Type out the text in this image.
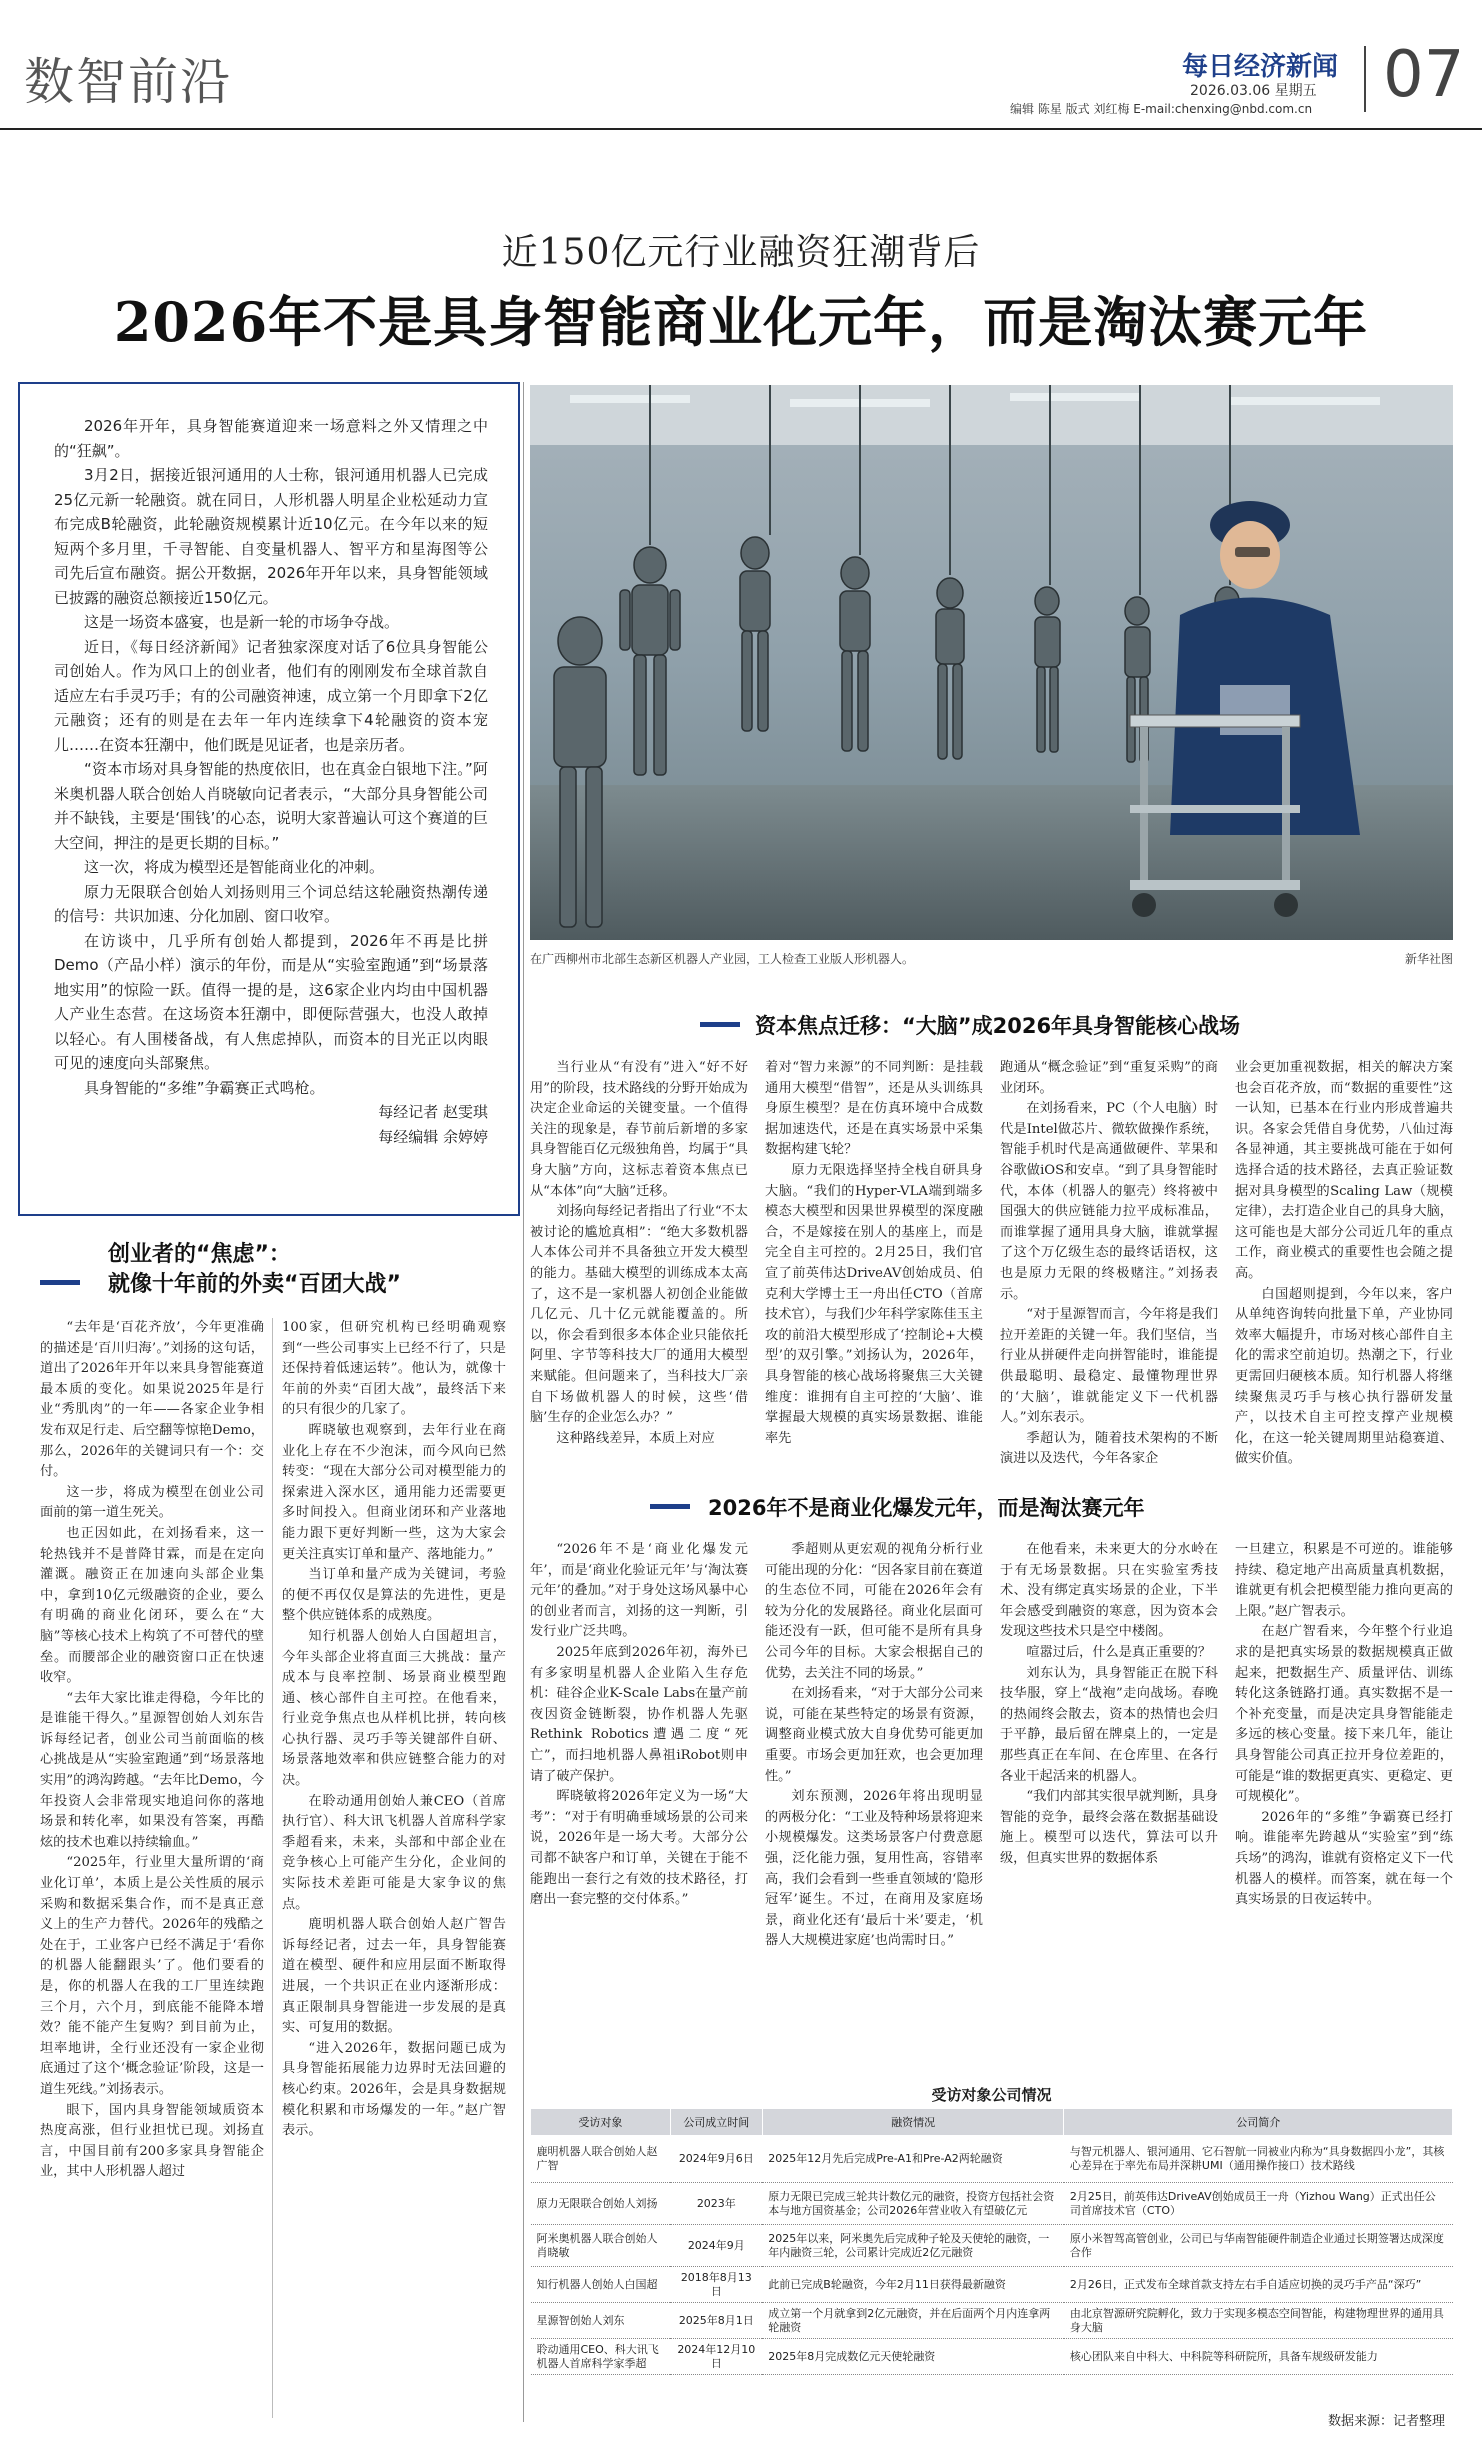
数智前沿	每日经济新闻
2026.03.06 星期五
编辑 陈星 版式 刘红梅 E-mail:chenxing@nbd.com.cn 07
近150亿元行业融资狂潮背后
2026年不是具身智能商业化元年，而是淘汰赛元年

2026年开年，具身智能赛道迎来一场意料之外又情理之中的“狂飙”。

3月2日，据接近银河通用的人士称，银河通用机器人已完成25亿元新一轮融资。就在同日，人形机器人明星企业松延动力宣布完成B轮融资，此轮融资规模累计近10亿元。在今年以来的短短两个多月里，千寻智能、自变量机器人、智平方和星海图等公司先后宣布融资。据公开数据，2026年开年以来，具身智能领域已披露的融资总额接近150亿元。

这是一场资本盛宴，也是新一轮的市场争夺战。

近日，《每日经济新闻》记者独家深度对话了6位具身智能公司创始人。作为风口上的创业者，他们有的刚刚发布全球首款自适应左右手灵巧手；有的公司融资神速，成立第一个月即拿下2亿元融资；还有的则是在去年一年内连续拿下4轮融资的资本宠儿……在资本狂潮中，他们既是见证者，也是亲历者。

“资本市场对具身智能的热度依旧，也在真金白银地下注。”阿米奥机器人联合创始人肖晓敏向记者表示，“大部分具身智能公司并不缺钱，主要是‘围钱’的心态，说明大家普遍认可这个赛道的巨大空间，押注的是更长期的目标。”

这一次，将成为模型还是智能商业化的冲刺。

原力无限联合创始人刘扬则用三个词总结这轮融资热潮传递的信号：共识加速、分化加剧、窗口收窄。

在访谈中，几乎所有创始人都提到，2026年不再是比拼Demo（产品小样）演示的年份，而是从“实验室跑通”到“场景落地实用”的惊险一跃。值得一提的是，这6家企业内均由中国机器人产业生态营。在这场资本狂潮中，即便际营强大，也没人敢掉以轻心。有人围楼备战，有人焦虑掉队，而资本的目光正以肉眼可见的速度向头部聚焦。

具身智能的“多维”争霸赛正式鸣枪。

每经记者 赵雯琪

每经编辑 余婷婷

在广西柳州市北部生态新区机器人产业园，工人检查工业版人形机器人。	新华社图
创业者的“焦虑”：
就像十年前的外卖“百团大战”

“去年是‘百花齐放’，今年更准确的描述是‘百川归海’。”刘扬的这句话，道出了2026年开年以来具身智能赛道最本质的变化。如果说2025年是行业“秀肌肉”的一年——各家企业争相发布双足行走、后空翻等惊艳Demo，那么，2026年的关键词只有一个：交付。

这一步，将成为模型在创业公司面前的第一道生死关。

也正因如此，在刘扬看来，这一轮热钱并不是普降甘霖，而是在定向灌溉。融资正在加速向头部企业集中，拿到10亿元级融资的企业，要么有明确的商业化闭环，要么在“大脑”等核心技术上构筑了不可替代的壁垒。而腰部企业的融资窗口正在快速收窄。

“去年大家比谁走得稳，今年比的是谁能干得久。”星源智创始人刘东告诉每经记者，创业公司当前面临的核心挑战是从“实验室跑通”到“场景落地实用”的鸿沟跨越。“去年比Demo，今年投资人会非常现实地追问你的落地场景和转化率，如果没有答案，再酷炫的技术也难以持续输血。”

“2025年，行业里大量所谓的‘商业化订单’，本质上是公关性质的展示采购和数据采集合作，而不是真正意义上的生产力替代。2026年的残酷之处在于，工业客户已经不满足于‘看你的机器人能翻跟头’了。他们要看的是，你的机器人在我的工厂里连续跑三个月，六个月，到底能不能降本增效？能不能产生复购？到目前为止，坦率地讲，全行业还没有一家企业彻底通过了这个‘概念验证’阶段，这是一道生死线。”刘扬表示。

眼下，国内具身智能领域质资本热度高涨，但行业担忧已现。刘扬直言，中国目前有200多家具身智能企业，其中人形机器人超过

100家，但研究机构已经明确观察到“一些公司事实上已经不行了，只是还保持着低速运转”。他认为，就像十年前的外卖“百团大战”，最终活下来的只有很少的几家了。

晖晓敏也观察到，去年行业在商业化上存在不少泡沫，而今风向已然转变：“现在大部分公司对模型能力的探索进入深水区，通用能力还需要更多时间投入。但商业闭环和产业落地能力跟下更好判断一些，这为大家会更关注真实订单和量产、落地能力。”

当订单和量产成为关键词，考验的便不再仅仅是算法的先进性，更是整个供应链体系的成熟度。

知行机器人创始人白国超坦言，今年头部企业将直面三大挑战：量产成本与良率控制、场景商业模型跑通、核心部件自主可控。在他看来，行业竞争焦点也从样机比拼，转向核心执行器、灵巧手等关键部件自研、场景落地效率和供应链整合能力的对决。

在聆动通用创始人兼CEO（首席执行官）、科大讯飞机器人首席科学家季超看来，未来，头部和中部企业在竞争核心上可能产生分化，企业间的实际技术差距可能是大家争议的焦点。

鹿明机器人联合创始人赵广智告诉每经记者，过去一年，具身智能赛道在模型、硬件和应用层面不断取得进展，一个共识正在业内逐渐形成：真正限制具身智能进一步发展的是真实、可复用的数据。

“进入2026年，数据问题已成为具身智能拓展能力边界时无法回避的核心约束。2026年，会是具身数据规模化积累和市场爆发的一年。”赵广智表示。

资本焦点迁移：“大脑”成2026年具身智能核心战场

当行业从“有没有”进入“好不好用”的阶段，技术路线的分野开始成为决定企业命运的关键变量。一个值得关注的现象是，春节前后新增的多家具身智能百亿元级独角兽，均属于“具身大脑”方向，这标志着资本焦点已从“本体”向“大脑”迁移。

刘扬向每经记者指出了行业“不太被讨论的尴尬真相”：“绝大多数机器人本体公司并不具备独立开发大模型的能力。基础大模型的训练成本太高了，这不是一家机器人初创企业能做几亿元、几十亿元就能覆盖的。所以，你会看到很多本体企业只能依托阿里、字节等科技大厂的通用大模型来赋能。但问题来了，当科技大厂亲自下场做机器人的时候，这些‘借脑’生存的企业怎么办？”

这种路线差异，本质上对应

着对“智力来源”的不同判断：是挂载通用大模型“借智”，还是从头训练具身原生模型？是在仿真环境中合成数据加速迭代，还是在真实场景中采集数据构建飞轮？

原力无限选择坚持全栈自研具身大脑。“我们的Hyper-VLA端到端多模态大模型和因果世界模型的深度融合，不是嫁接在别人的基座上，而是完全自主可控的。2月25日，我们官宣了前英伟达DriveAV创始成员、伯克利大学博士王一舟出任CTO（首席技术官），与我们少年科学家陈佳玉主攻的前沿大模型形成了‘控制论+大模型’的双引擎。”刘扬认为，2026年，具身智能的核心战场将聚焦三大关键维度：谁拥有自主可控的‘大脑’、谁掌握最大规模的真实场景数据、谁能率先

跑通从“概念验证”到“重复采购”的商业闭环。

在刘扬看来，PC（个人电脑）时代是Intel做芯片、微软做操作系统，智能手机时代是高通做硬件、苹果和谷歌做iOS和安卓。“到了具身智能时代，本体（机器人的躯壳）终将被中国强大的供应链能力拉平成标准品，而谁掌握了通用具身大脑，谁就掌握了这个万亿级生态的最终话语权，这也是原力无限的终极赌注。”刘扬表示。

“对于星源智而言，今年将是我们拉开差距的关键一年。我们坚信，当行业从拼硬件走向拼智能时，谁能提供最聪明、最稳定、最懂物理世界的‘大脑’，谁就能定义下一代机器人。”刘东表示。

季超认为，随着技术架构的不断演进以及迭代，今年各家企

业会更加重视数据，相关的解决方案也会百花齐放，而“数据的重要性”这一认知，已基本在行业内形成普遍共识。各家会凭借自身优势，八仙过海各显神通，其主要挑战可能在于如何选择合适的技术路径，去真正验证数据对具身模型的Scaling Law（规模定律），去打造企业自己的具身大脑，这可能也是大部分公司近几年的重点工作，商业模式的重要性也会随之提高。

白国超则提到，今年以来，客户从单纯咨询转向批量下单，产业协同效率大幅提升，市场对核心部件自主化的需求空前迫切。热潮之下，行业更需回归硬核本质。知行机器人将继续聚焦灵巧手与核心执行器研发量产，以技术自主可控支撑产业规模化，在这一轮关键周期里站稳赛道、做实价值。

2026年不是商业化爆发元年，而是淘汰赛元年

“2026年不是‘商业化爆发元年’，而是‘商业化验证元年’与‘淘汰赛元年’的叠加。”对于身处这场风暴中心的创业者而言，刘扬的这一判断，引发行业广泛共鸣。

2025年底到2026年初，海外已有多家明星机器人企业陷入生存危机：硅谷企业K-Scale Labs在量产前夜因资金链断裂，协作机器人先驱Rethink Robotics遭遇二度“死亡”，而扫地机器人鼻祖iRobot则申请了破产保护。

晖晓敏将2026年定义为一场“大考”：“对于有明确垂域场景的公司来说，2026年是一场大考。大部分公司都不缺客户和订单，关键在于能不能跑出一套行之有效的技术路径，打磨出一套完整的交付体系。”

季超则从更宏观的视角分析行业可能出现的分化：“因各家目前在赛道的生态位不同，可能在2026年会有较为分化的发展路径。商业化层面可能还没有一跃，但可能不是所有具身公司今年的目标。大家会根据自己的优势，去关注不同的场景。”

在刘扬看来，“对于大部分公司来说，可能在某些特定的场景有资源，调整商业模式放大自身优势可能更加重要。市场会更加狂欢，也会更加理性。”

刘东预测，2026年将出现明显的两极分化：“工业及特种场景将迎来小规模爆发。这类场景客户付费意愿强，泛化能力强，复用性高，容错率高，我们会看到一些垂直领域的‘隐形冠军’诞生。不过，在商用及家庭场景，商业化还有‘最后十米’要走，‘机器人大规模进家庭’也尚需时日。”

在他看来，未来更大的分水岭在于有无场景数据。只在实验室秀技术、没有绑定真实场景的企业，下半年会感受到融资的寒意，因为资本会发现这些技术只是空中楼阁。

喧嚣过后，什么是真正重要的？

刘东认为，具身智能正在脱下科技华服，穿上“战袍”走向战场。春晚的热闹终会散去，资本的热情也会归于平静，最后留在牌桌上的，一定是那些真正在车间、在仓库里、在各行各业干起活来的机器人。

“我们内部其实很早就判断，具身智能的竞争，最终会落在数据基础设施上。模型可以迭代，算法可以升级，但真实世界的数据体系

一旦建立，积累是不可逆的。谁能够持续、稳定地产出高质量真机数据，谁就更有机会把模型能力推向更高的上限。”赵广智表示。

在赵广智看来，今年整个行业追求的是把真实场景的数据规模真正做起来，把数据生产、质量评估、训练转化这条链路打通。真实数据不是一个补充变量，而是决定具身智能能走多远的核心变量。接下来几年，能让具身智能公司真正拉开身位差距的，可能是“谁的数据更真实、更稳定、更可规模化”。

2026年的“多维”争霸赛已经打响。谁能率先跨越从“实验室”到“练兵场”的鸿沟，谁就有资格定义下一代机器人的模样。而答案，就在每一个真实场景的日夜运转中。

受访对象公司情况
受访对象	公司成立时间	融资情况	公司简介
鹿明机器人联合创始人赵广智	2024年9月6日	2025年12月先后完成Pre-A1和Pre-A2两轮融资	与智元机器人、银河通用、它石智航一同被业内称为“具身数据四小龙”，其核心差异在于率先布局并深耕UMI（通用操作接口）技术路线
原力无限联合创始人刘扬	2023年	原力无限已完成三轮共计数亿元的融资，投资方包括社会资本与地方国资基金；公司2026年营业收入有望破亿元	2月25日，前英伟达DriveAV创始成员王一舟（Yizhou Wang）正式出任公司首席技术官（CTO）
阿米奥机器人联合创始人肖晓敏	2024年9月	2025年以来，阿米奥先后完成种子轮及天使轮的融资，一年内融资三轮，公司累计完成近2亿元融资	原小米智驾高管创业，公司已与华南智能硬件制造企业通过长期签署达成深度合作
知行机器人创始人白国超	2018年8月13日	此前已完成B轮融资，今年2月11日获得最新融资	2月26日，正式发布全球首款支持左右手自适应切换的灵巧手产品“深巧”
星源智创始人刘东	2025年8月1日	成立第一个月就拿到2亿元融资，并在后面两个月内连拿两轮融资	由北京智源研究院孵化，致力于实现多模态空间智能，构建物理世界的通用具身大脑
聆动通用CEO、科大讯飞机器人首席科学家季超	2024年12月10日	2025年8月完成数亿元天使轮融资	核心团队来自中科大、中科院等科研院所，具备车规级研发能力
数据来源：记者整理
